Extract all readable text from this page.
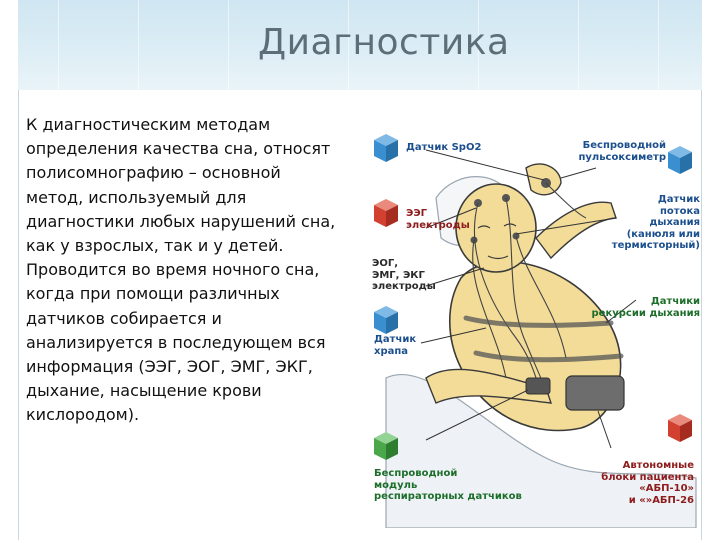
Диагностика
К диагностическим методам
определения качества сна, относят
полисомнографию – основной
метод, используемый для
диагностики любых нарушений сна,
как у взрослых, так и у детей.
Проводится во время ночного сна,
когда при помощи различных
датчиков собирается и
анализируется в последующем вся
информация (ЭЭГ, ЭОГ, ЭМГ, ЭКГ,
дыхание, насыщение крови
кислородом).
Датчик SpO2	Беспроводной
пульсоксиметр
ЭЭГ
электроды
Датчик
потока
дыхания
(канюля или
термисторный)
ЭОГ,
ЭМГ, ЭКГ
электроды
Датчики
рекурсии дыхания
Датчик
храпа
Беспроводной
модуль
респираторных датчиков
Автономные
блоки пациента
«АБП-10»
и «»АБП-26
